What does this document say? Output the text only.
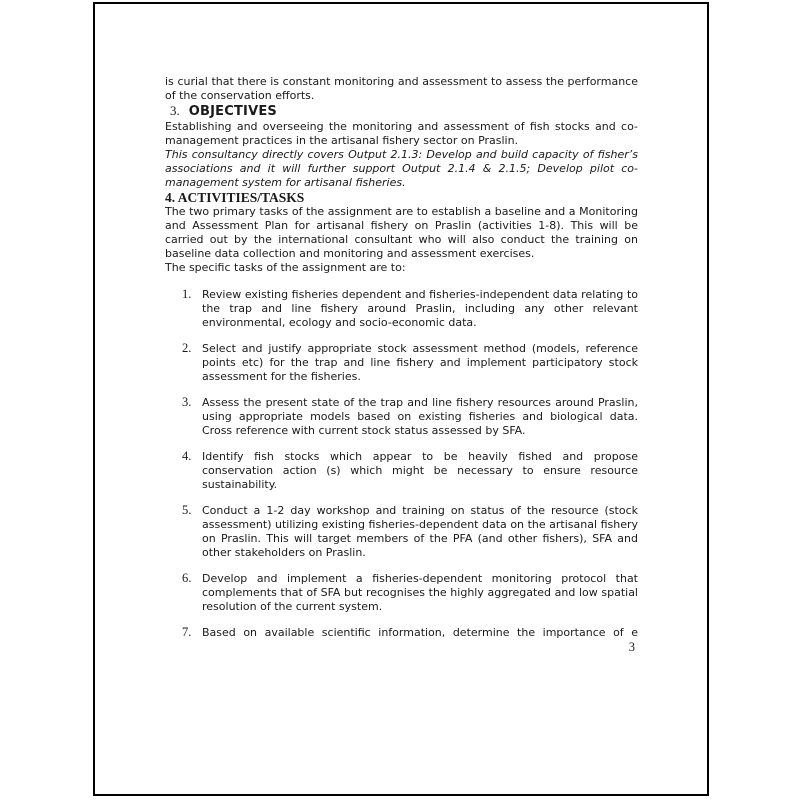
is curial that there is constant monitoring and assessment to assess the performance of the conservation efforts.

3. OBJECTIVES

Establishing and overseeing the monitoring and assessment of fish stocks and co-management practices in the artisanal fishery sector on Praslin.

This consultancy directly covers Output 2.1.3: Develop and build capacity of fisher’s associations and it will further support Output 2.1.4 & 2.1.5; Develop pilot co-management system for artisanal fisheries.

4. ACTIVITIES/TASKS

The two primary tasks of the assignment are to establish a baseline and a Monitoring and Assessment Plan for artisanal fishery on Praslin (activities 1-8). This will be carried out by the international consultant who will also conduct the training on baseline data collection and monitoring and assessment exercises.

The specific tasks of the assignment are to:

1. Review existing fisheries dependent and fisheries-independent data relating to the trap and line fishery around Praslin, including any other relevant environmental, ecology and socio-economic data.
2. Select and justify appropriate stock assessment method (models, reference points etc) for the trap and line fishery and implement participatory stock assessment for the fisheries.
3. Assess the present state of the trap and line fishery resources around Praslin, using appropriate models based on existing fisheries and biological data. Cross reference with current stock status assessed by SFA.
4. Identify fish stocks which appear to be heavily fished and propose conservation action (s) which might be necessary to ensure resource sustainability.
5. Conduct a 1-2 day workshop and training on status of the resource (stock assessment) utilizing existing fisheries-dependent data on the artisanal fishery on Praslin. This will target members of the PFA (and other fishers), SFA and other stakeholders on Praslin.
6. Develop and implement a fisheries-dependent monitoring protocol that complements that of SFA but recognises the highly aggregated and low spatial resolution of the current system.
7. Based on available scientific information, determine the importance of e

3
